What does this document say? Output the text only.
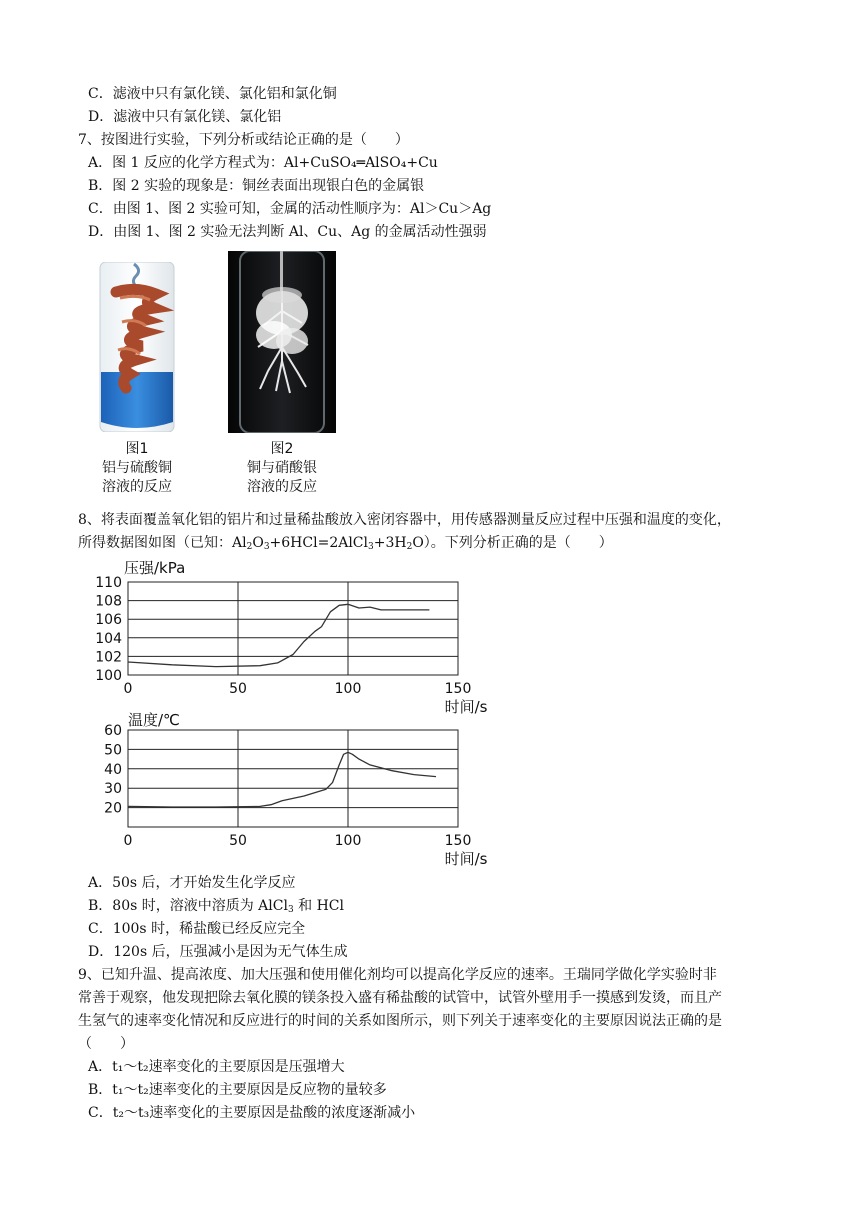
C．滤液中只有氯化镁、氯化铝和氯化铜
D．滤液中只有氯化镁、氯化铝
7、按图进行实验，下列分析或结论正确的是（　　）
A．图 1 反应的化学方程式为：Al+CuSO₄═AlSO₄+Cu
B．图 2 实验的现象是：铜丝表面出现银白色的金属银
C．由图 1、图 2 实验可知，金属的活动性顺序为：Al＞Cu＞Ag
D．由图 1、图 2 实验无法判断 Al、Cu、Ag 的金属活动性强弱
图1
铝与硫酸铜
溶液的反应
图2
铜与硝酸银
溶液的反应
8、将表面覆盖氧化铝的铝片和过量稀盐酸放入密闭容器中，用传感器测量反应过程中压强和温度的变化，
所得数据图如图（已知：$Al_2O_3+6HCl=2AlCl_3+3H_2O$）。下列分析正确的是（　　）
100
102
104
106
108
110
0	50	100	150
压强/kPa
时间/s
20
30
40
50
60
0	50	100	150
温度/℃
时间/s
A．50s 后，才开始发生化学反应
B．80s 时，溶液中溶质为 AlCl$_3$ 和 HCl
C．100s 时，稀盐酸已经反应完全
D．120s 后，压强减小是因为无气体生成
9、已知升温、提高浓度、加大压强和使用催化剂均可以提高化学反应的速率。王瑞同学做化学实验时非
常善于观察，他发现把除去氧化膜的镁条投入盛有稀盐酸的试管中，试管外壁用手一摸感到发烫，而且产
生氢气的速率变化情况和反应进行的时间的关系如图所示，则下列关于速率变化的主要原因说法正确的是
（　　）
A．t₁～t₂速率变化的主要原因是压强增大
B．t₁～t₂速率变化的主要原因是反应物的量较多
C．t₂～t₃速率变化的主要原因是盐酸的浓度逐渐减小
